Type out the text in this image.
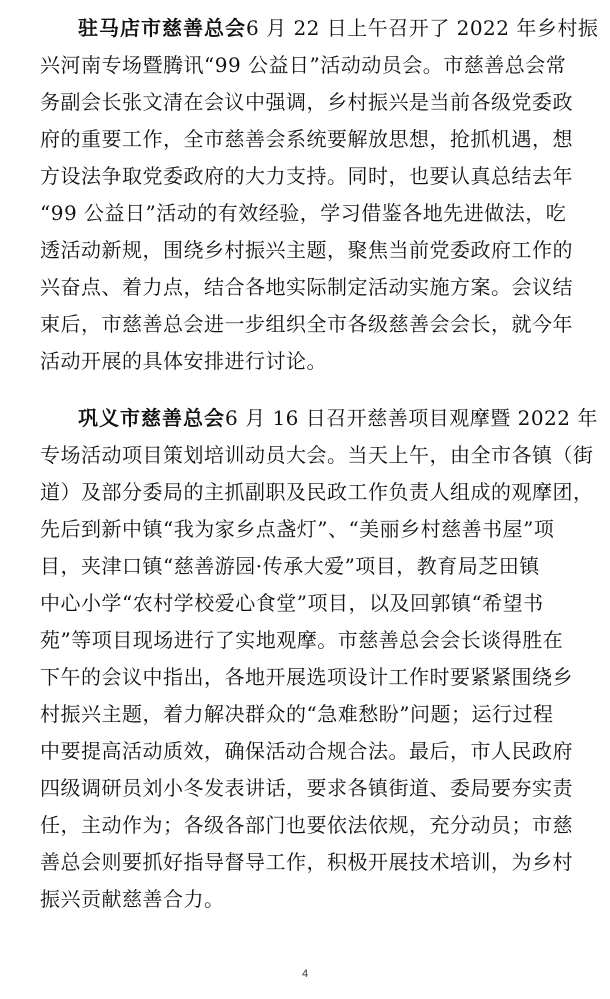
驻马店市慈善总会6 月 22 日上午召开了 2022 年乡村振
兴河南专场暨腾讯“99 公益日”活动动员会。市慈善总会常
务副会长张文清在会议中强调，乡村振兴是当前各级党委政
府的重要工作，全市慈善会系统要解放思想，抢抓机遇，想
方设法争取党委政府的大力支持。同时，也要认真总结去年
“99 公益日”活动的有效经验，学习借鉴各地先进做法，吃
透活动新规，围绕乡村振兴主题，聚焦当前党委政府工作的
兴奋点、着力点，结合各地实际制定活动实施方案。会议结
束后，市慈善总会进一步组织全市各级慈善会会长，就今年
活动开展的具体安排进行讨论。
巩义市慈善总会6 月 16 日召开慈善项目观摩暨 2022 年
专场活动项目策划培训动员大会。当天上午，由全市各镇（街
道）及部分委局的主抓副职及民政工作负责人组成的观摩团，
先后到新中镇“我为家乡点盏灯”、“美丽乡村慈善书屋”项
目，夹津口镇“慈善游园·传承大爱”项目，教育局芝田镇
中心小学“农村学校爱心食堂”项目，以及回郭镇“希望书
苑”等项目现场进行了实地观摩。市慈善总会会长谈得胜在
下午的会议中指出，各地开展选项设计工作时要紧紧围绕乡
村振兴主题，着力解决群众的“急难愁盼”问题；运行过程
中要提高活动质效，确保活动合规合法。最后，市人民政府
四级调研员刘小冬发表讲话，要求各镇街道、委局要夯实责
任，主动作为；各级各部门也要依法依规，充分动员；市慈
善总会则要抓好指导督导工作，积极开展技术培训，为乡村
振兴贡献慈善合力。
4
